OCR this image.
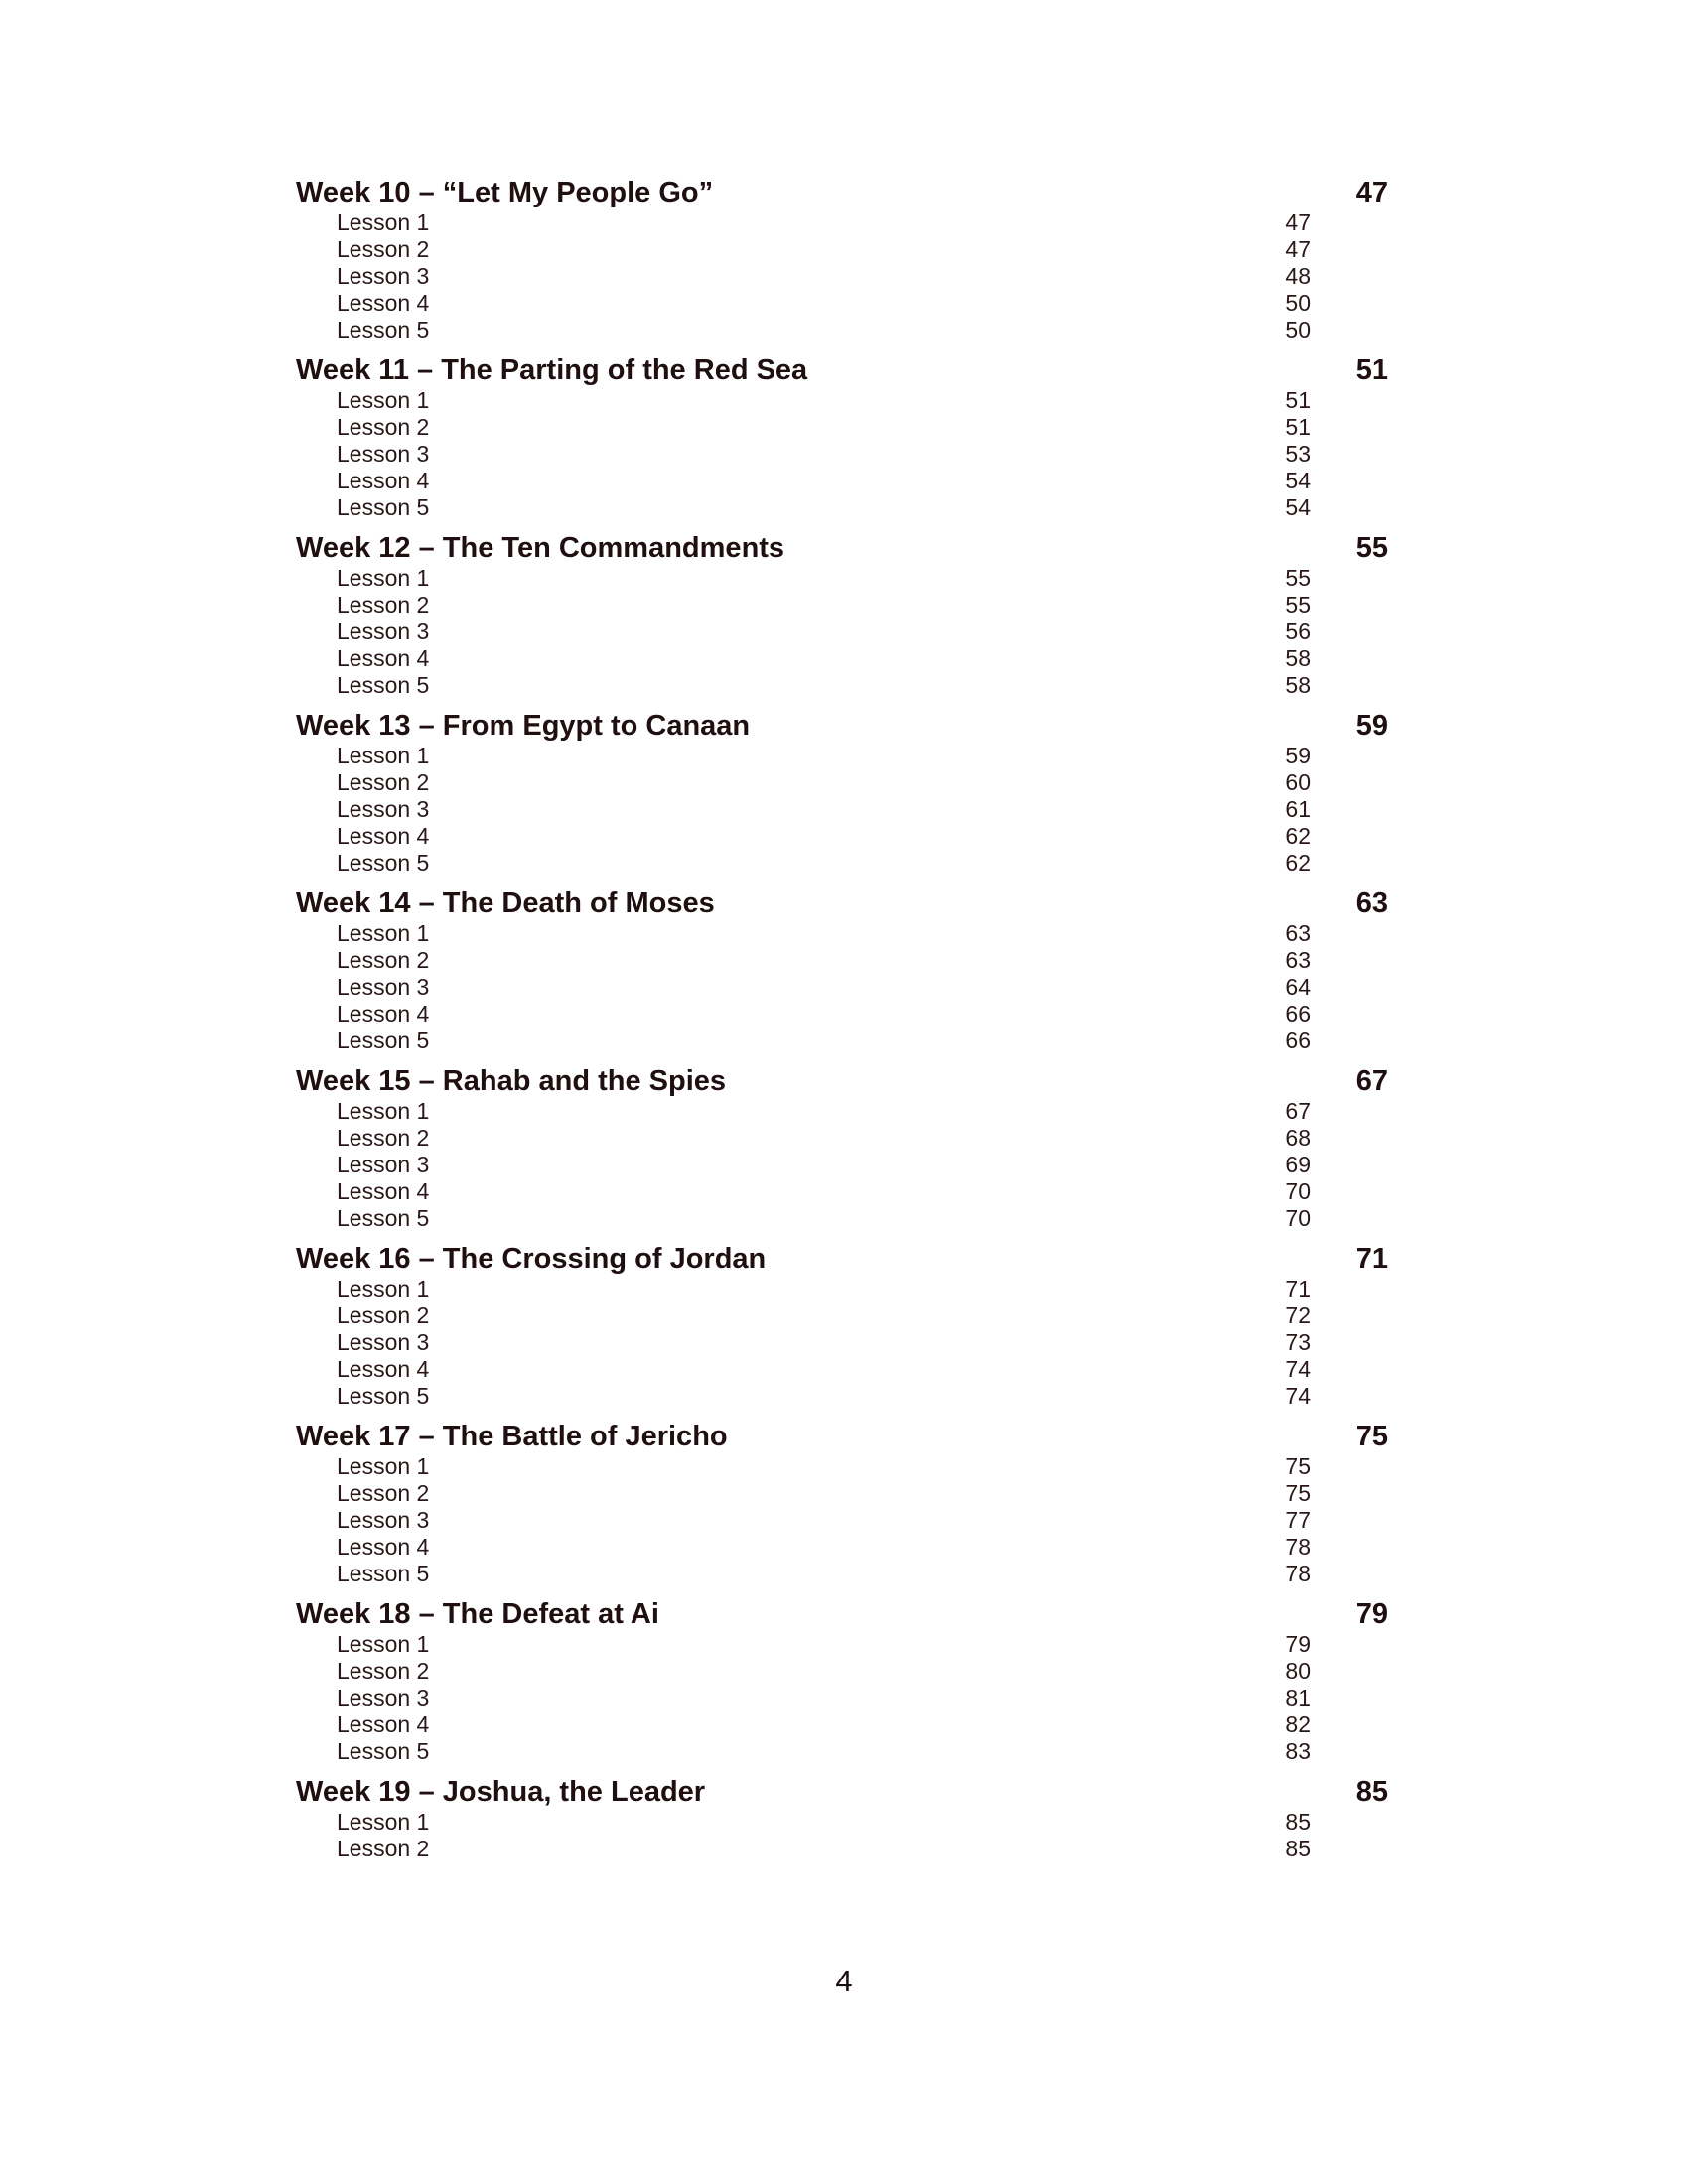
Week 10 – “Let My People Go”	47
Lesson 1	47
Lesson 2	47
Lesson 3	48
Lesson 4	50
Lesson 5	50
Week 11 – The Parting of the Red Sea	51
Lesson 1	51
Lesson 2	51
Lesson 3	53
Lesson 4	54
Lesson 5	54
Week 12 – The Ten Commandments	55
Lesson 1	55
Lesson 2	55
Lesson 3	56
Lesson 4	58
Lesson 5	58
Week 13 – From Egypt to Canaan	59
Lesson 1	59
Lesson 2	60
Lesson 3	61
Lesson 4	62
Lesson 5	62
Week 14 – The Death of Moses	63
Lesson 1	63
Lesson 2	63
Lesson 3	64
Lesson 4	66
Lesson 5	66
Week 15 – Rahab and the Spies	67
Lesson 1	67
Lesson 2	68
Lesson 3	69
Lesson 4	70
Lesson 5	70
Week 16 – The Crossing of Jordan	71
Lesson 1	71
Lesson 2	72
Lesson 3	73
Lesson 4	74
Lesson 5	74
Week 17 – The Battle of Jericho	75
Lesson 1	75
Lesson 2	75
Lesson 3	77
Lesson 4	78
Lesson 5	78
Week 18 – The Defeat at Ai	79
Lesson 1	79
Lesson 2	80
Lesson 3	81
Lesson 4	82
Lesson 5	83
Week 19 – Joshua, the Leader	85
Lesson 1	85
Lesson 2	85
4
